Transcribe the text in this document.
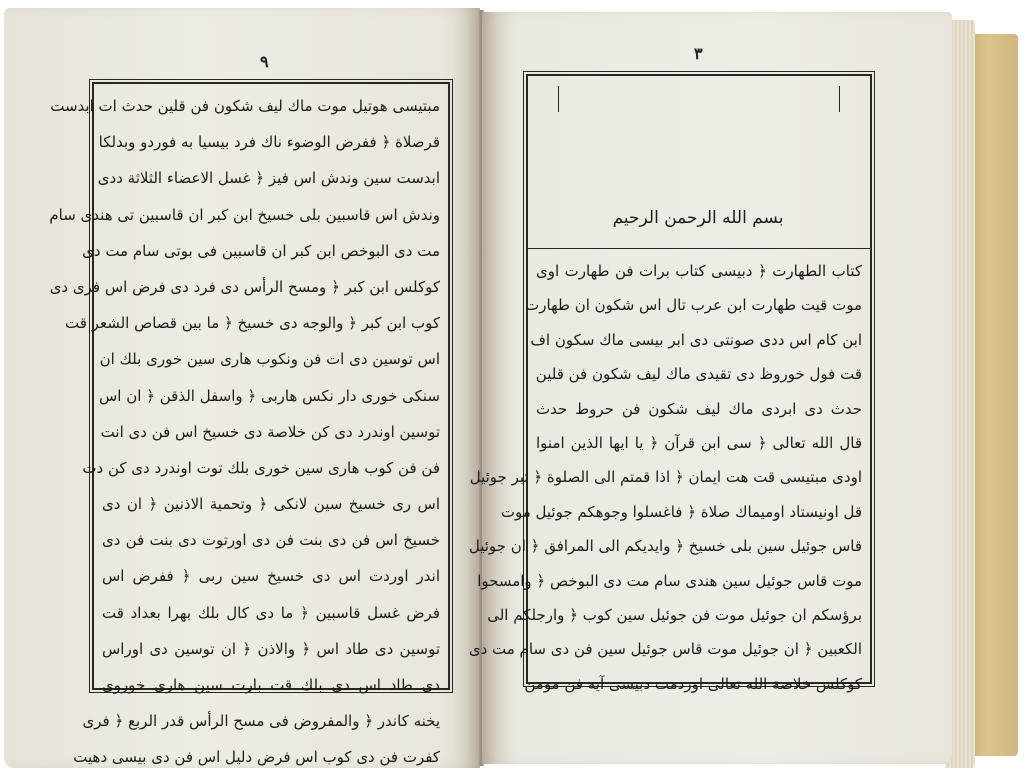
٩
مبتیسی هوتیل موت ماك لیف شكون فن قلین حدث ات ابدست
قرصلاة ﴿ ففرض الوضوء ناك فرد بیسیا به فوردو وبدلكا
ابدست سین وندش اس فیز ﴿ غسل الاعضاء الثلاثة ددی
وندش اس قاسبین بلی خسیخ ابن كبر ان قاسبین تی هندی سام
مت دی البوخص ابن كبر ان قاسبین فی بوتی سام مت دی
كوكلس ابن كبر ﴿ ومسح الرأس دی فرد دی فرض اس فری دی
كوب ابن كبر ﴿ والوجه دی خسیخ ﴿ ما بین قصاص الشعر قت
اس توسین دی ات فن ونكوب هاری سین خوری بلك ان
سنكی خوری دار نكس هاربی ﴿ واسفل الذقن ﴿ ان اس
توسین اوندرد دی كن خلاصة دی خسیخ اس فن دی انت
فن فن كوب هاری سین خوری بلك توت اوندرد دی كن دت
اس ری خسیخ سین لانكی ﴿ وتحمیة الاذنین ﴿ ان دی
خسیخ اس فن دی بنت فن دی اورتوت دی بنت فن دی
اندر اوردت اس دی خسیخ سین ربی ﴿ ففرض اس
فرض غسل قاسبین ﴿ ما دی كال بلك بهرا بعداد قت
توسین دی طاد اس ﴿ والاذن ﴿ ان توسین دی اوراس
دی طاد اس دی بلك قت بارت سین هاری خوروی
یخنه كاندر ﴿ والمفروض فی مسح الرأس قدر الربع ﴿ فری
كفرت فن دی كوب اس فرض دلیل اس فن دی بیسی دهیت
٣
بسم الله الرحمن الرحيم
كتاب الطهارت ﴿ دبیسی كتاب برات فن طهارت اوی
موت قیت طهارت ابن عرب تال اس شكون ان طهارت
ابن كام اس ددی صونتی دی ابر بیسی ماك سكون اف
قت فول خوروظ دی تقیدی ماك لیف شكون فن قلین
حدث دی ابردی ماك لیف شكون فن حروط حدث
قال الله تعالی ﴿ سی ابن قرآن ﴿ یا ایها الذین امنوا
اودی مبتیسی قت هت ایمان ﴿ اذا قمتم الی الصلوة ﴿ تبر جوئیل
قل اونیستاد اومیماك صلاة ﴿ فاغسلوا وجوهكم جوئیل موت
قاس جوئیل سین بلی خسیخ ﴿ وایدیكم الی المرافق ﴿ ان جوئیل
موت قاس جوئیل سین هندی سام مت دی البوخص ﴿ وامسحوا
برؤسكم ان جوئیل موت فن جوئیل سین كوب ﴿ وارجلكم الی
الكعبین ﴿ ان جوئیل موت قاس جوئیل سین فن دی سام مت دی
كوكلس خلاصة الله تعالی اوردمت دبیسی آیه فن مومن
